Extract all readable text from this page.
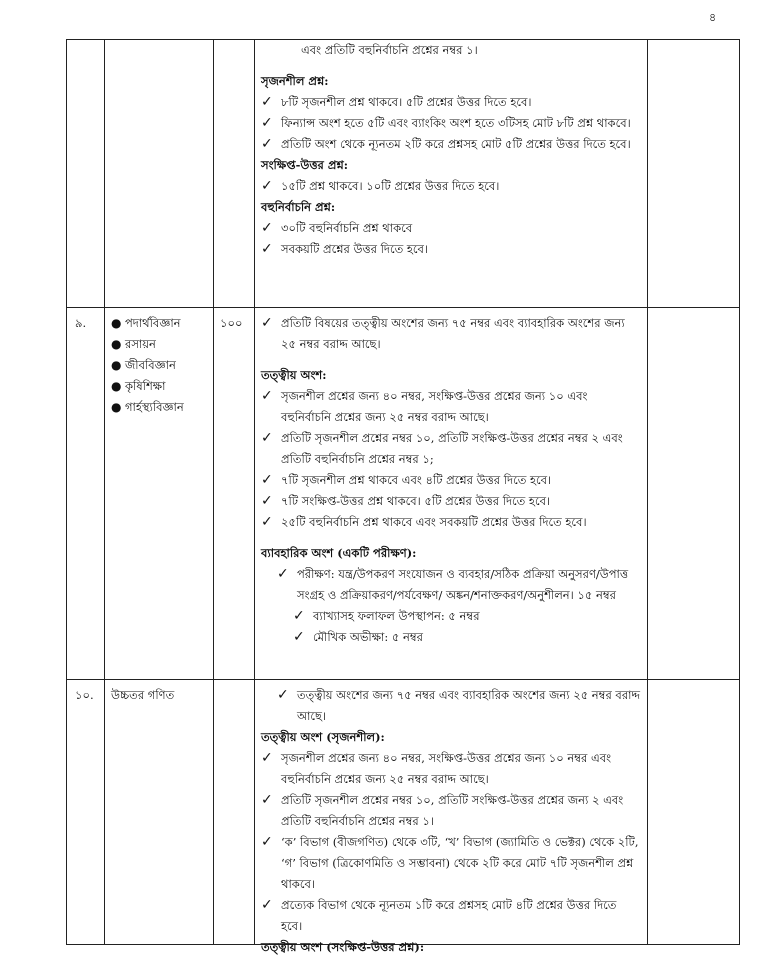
৪
এবং প্রতিটি বহুনির্বাচনি প্রশ্নের নম্বর ১।
সৃজনশীল প্রশ্ন:
✓ ৮টি সৃজনশীল প্রশ্ন থাকবে। ৫টি প্রশ্নের উত্তর দিতে হবে।
✓ ফিন্যান্স অংশ হতে ৫টি এবং ব্যাংকিং অংশ হতে ৩টিসহ মোট ৮টি প্রশ্ন থাকবে।
✓ প্রতিটি অংশ থেকে ন্যূনতম ২টি করে প্রশ্নসহ মোট ৫টি প্রশ্নের উত্তর দিতে হবে।
সংক্ষিপ্ত-উত্তর প্রশ্ন:
✓ ১৫টি প্রশ্ন থাকবে। ১০টি প্রশ্নের উত্তর দিতে হবে।
বহুনির্বাচনি প্রশ্ন:
✓ ৩০টি বহুনির্বাচনি প্রশ্ন থাকবে
✓ সবকয়টি প্রশ্নের উত্তর দিতে হবে।
৯. ● পদার্থবিজ্ঞান
● রসায়ন
● জীববিজ্ঞান
● কৃষিশিক্ষা
● গার্হস্থ্যবিজ্ঞান
১০০ ✓ প্রতিটি বিষয়ের তত্ত্বীয় অংশের জন্য ৭৫ নম্বর এবং ব্যাবহারিক অংশের জন্য ২৫ নম্বর বরাদ্দ আছে।
তত্ত্বীয় অংশ:
✓ সৃজনশীল প্রশ্নের জন্য ৪০ নম্বর, সংক্ষিপ্ত-উত্তর প্রশ্নের জন্য ১০ এবং বহুনির্বাচনি প্রশ্নের জন্য ২৫ নম্বর বরাদ্দ আছে।
✓ প্রতিটি সৃজনশীল প্রশ্নের নম্বর ১০, প্রতিটি সংক্ষিপ্ত-উত্তর প্রশ্নের নম্বর ২ এবং প্রতিটি বহুনির্বাচনি প্রশ্নের নম্বর ১;
✓ ৭টি সৃজনশীল প্রশ্ন থাকবে এবং ৪টি প্রশ্নের উত্তর দিতে হবে।
✓ ৭টি সংক্ষিপ্ত-উত্তর প্রশ্ন থাকবে। ৫টি প্রশ্নের উত্তর দিতে হবে।
✓ ২৫টি বহুনির্বাচনি প্রশ্ন থাকবে এবং সবকয়টি প্রশ্নের উত্তর দিতে হবে।
ব্যাবহারিক অংশ (একটি পরীক্ষণ):
✓ পরীক্ষণ: যন্ত্র/উপকরণ সংযোজন ও ব্যবহার/সঠিক প্রক্রিয়া অনুসরণ/উপাত্ত সংগ্রহ ও প্রক্রিয়াকরণ/পর্যবেক্ষণ/ অঙ্কন/শনাক্তকরণ/অনুশীলন। ১৫ নম্বর
✓ ব্যাখ্যাসহ ফলাফল উপস্থাপন: ৫ নম্বর
✓ মৌখিক অভীক্ষা: ৫ নম্বর
১০. উচ্চতর গণিত	✓ তত্ত্বীয় অংশের জন্য ৭৫ নম্বর এবং ব্যাবহারিক অংশের জন্য ২৫ নম্বর বরাদ্দ আছে।
তত্ত্বীয় অংশ (সৃজনশীল):
✓ সৃজনশীল প্রশ্নের জন্য ৪০ নম্বর, সংক্ষিপ্ত-উত্তর প্রশ্নের জন্য ১০ নম্বর এবং বহুনির্বাচনি প্রশ্নের জন্য ২৫ নম্বর বরাদ্দ আছে।
✓ প্রতিটি সৃজনশীল প্রশ্নের নম্বর ১০, প্রতিটি সংক্ষিপ্ত-উত্তর প্রশ্নের জন্য ২ এবং প্রতিটি বহুনির্বাচনি প্রশ্নের নম্বর ১।
✓ ‘ক’ বিভাগ (বীজগণিত) থেকে ৩টি, ‘খ’ বিভাগ (জ্যামিতি ও ভেক্টর) থেকে ২টি, ‘গ’ বিভাগ (ত্রিকোণমিতি ও সম্ভাবনা) থেকে ২টি করে মোট ৭টি সৃজনশীল প্রশ্ন থাকবে।
✓ প্রত্যেক বিভাগ থেকে ন্যূনতম ১টি করে প্রশ্নসহ মোট ৪টি প্রশ্নের উত্তর দিতে হবে।
তত্ত্বীয় অংশ (সংক্ষিপ্ত-উত্তর প্রশ্ন):
